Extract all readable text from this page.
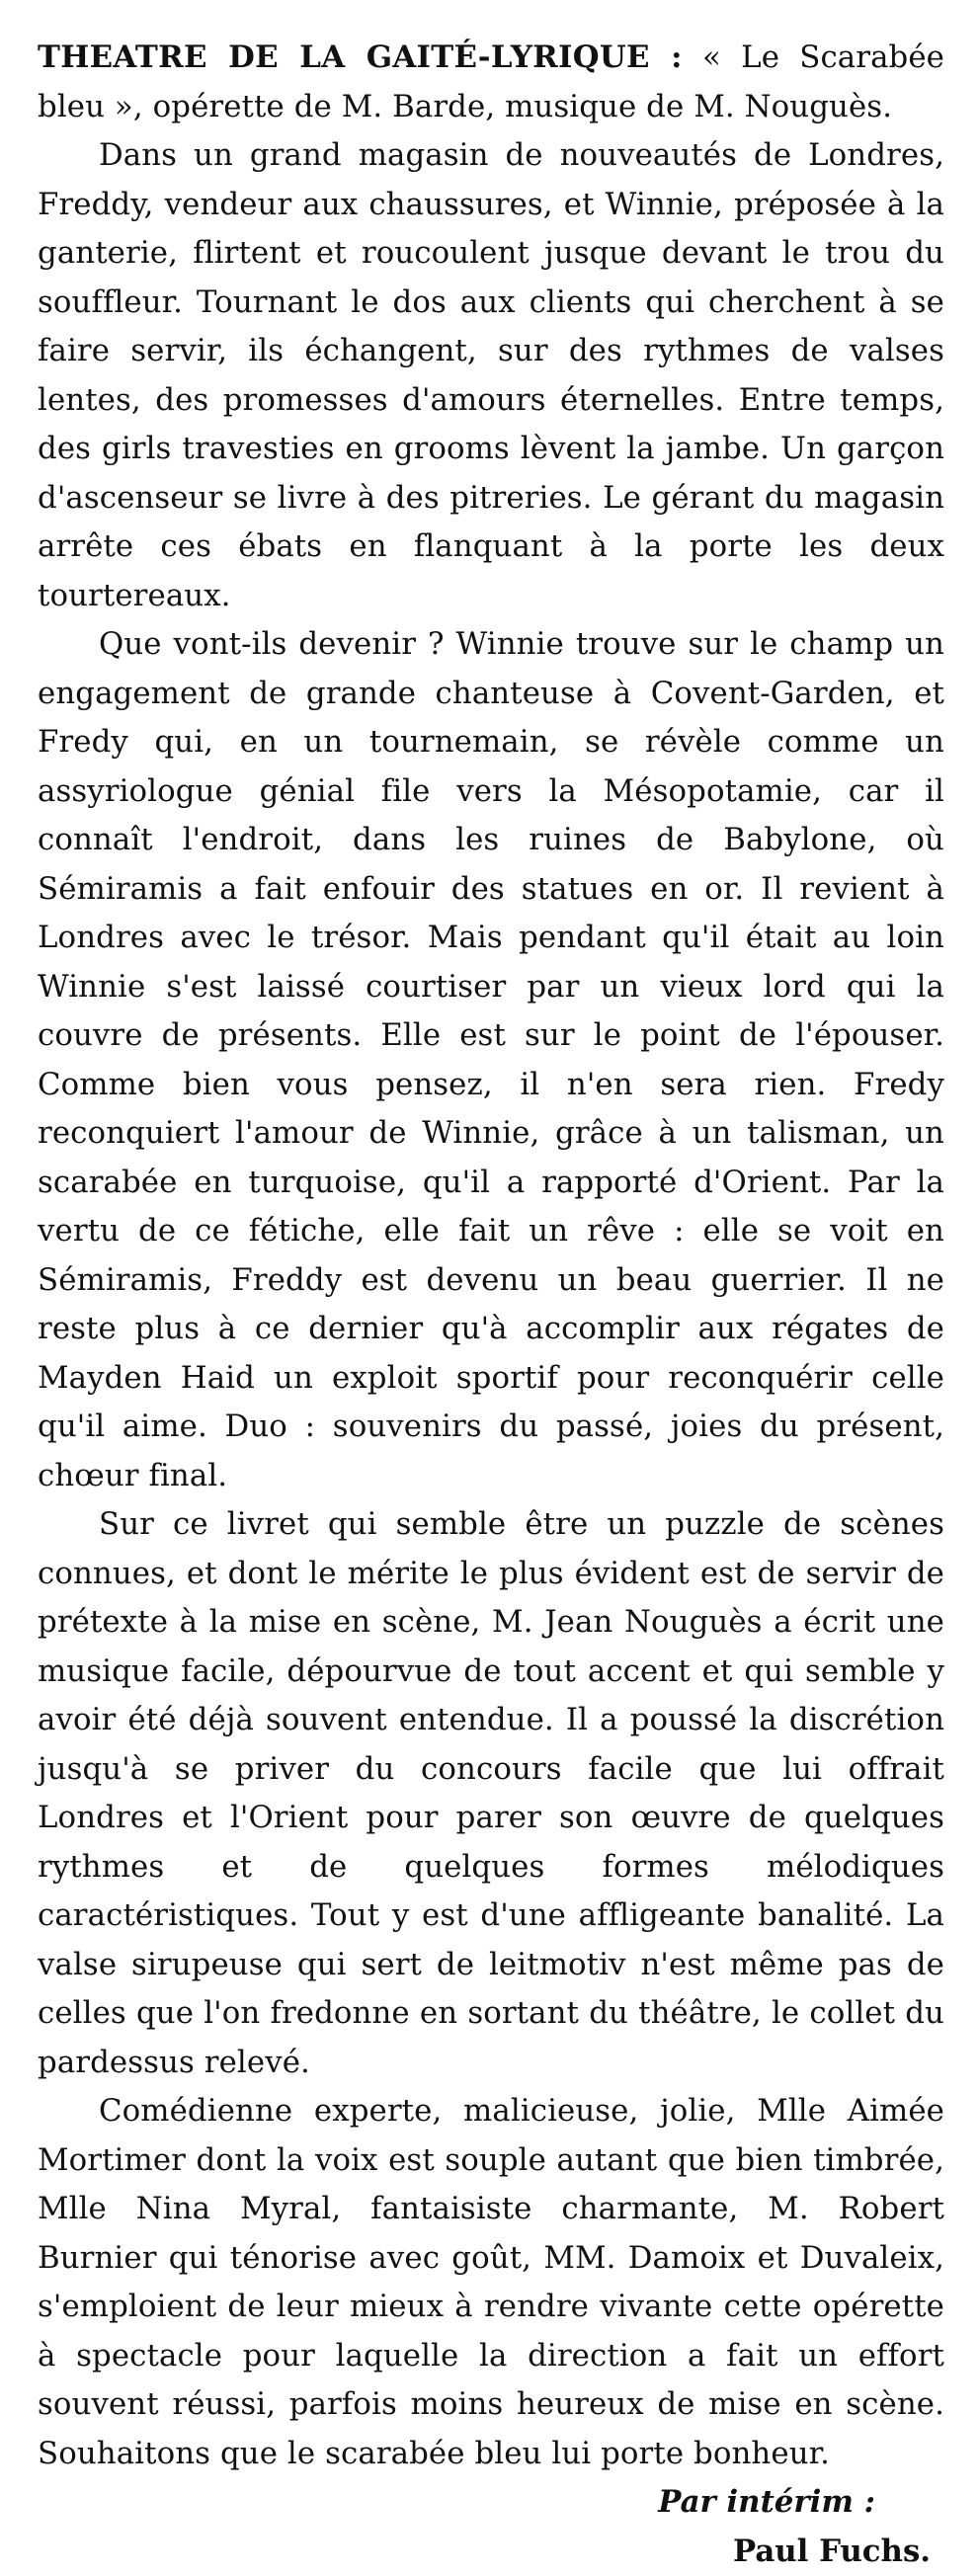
THEATRE DE LA GAITÉ-LYRIQUE : « Le Scarabée bleu », opérette de M. Barde, musique de M. Nouguès.

Dans un grand magasin de nouveautés de Londres, Freddy, vendeur aux chaussures, et Winnie, préposée à la ganterie, flirtent et roucoulent jusque devant le trou du souffleur. Tournant le dos aux clients qui cherchent à se faire servir, ils échangent, sur des rythmes de valses lentes, des promesses d'amours éternelles. Entre temps, des girls travesties en grooms lèvent la jambe. Un garçon d'ascenseur se livre à des pitreries. Le gérant du magasin arrête ces ébats en flanquant à la porte les deux tourtereaux.

Que vont-ils devenir ? Winnie trouve sur le champ un engagement de grande chanteuse à Covent-Garden, et Fredy qui, en un tournemain, se révèle comme un assyriologue génial file vers la Mésopotamie, car il connaît l'endroit, dans les ruines de Babylone, où Sémiramis a fait enfouir des statues en or. Il revient à Londres avec le trésor. Mais pendant qu'il était au loin Winnie s'est laissé courtiser par un vieux lord qui la couvre de présents. Elle est sur le point de l'épouser. Comme bien vous pensez, il n'en sera rien. Fredy reconquiert l'amour de Winnie, grâce à un talisman, un scarabée en turquoise, qu'il a rapporté d'Orient. Par la vertu de ce fétiche, elle fait un rêve : elle se voit en Sémiramis, Freddy est devenu un beau guerrier. Il ne reste plus à ce dernier qu'à accomplir aux régates de Mayden Haid un exploit sportif pour reconquérir celle qu'il aime. Duo : souvenirs du passé, joies du présent, chœur final.

Sur ce livret qui semble être un puzzle de scènes connues, et dont le mérite le plus évident est de servir de prétexte à la mise en scène, M. Jean Nouguès a écrit une musique facile, dépourvue de tout accent et qui semble y avoir été déjà souvent entendue. Il a poussé la discrétion jusqu'à se priver du concours facile que lui offrait Londres et l'Orient pour parer son œuvre de quelques rythmes et de quelques formes mélodiques caractéristiques. Tout y est d'une affligeante banalité. La valse sirupeuse qui sert de leitmotiv n'est même pas de celles que l'on fredonne en sortant du théâtre, le collet du pardessus relevé.

Comédienne experte, malicieuse, jolie, Mlle Aimée Mortimer dont la voix est souple autant que bien timbrée, Mlle Nina Myral, fantaisiste charmante, M. Robert Burnier qui ténorise avec goût, MM. Damoix et Duvaleix, s'emploient de leur mieux à rendre vivante cette opérette à spectacle pour laquelle la direction a fait un effort souvent réussi, parfois moins heureux de mise en scène. Souhaitons que le scarabée bleu lui porte bonheur.

Par intérim :
Paul Fuchs.
